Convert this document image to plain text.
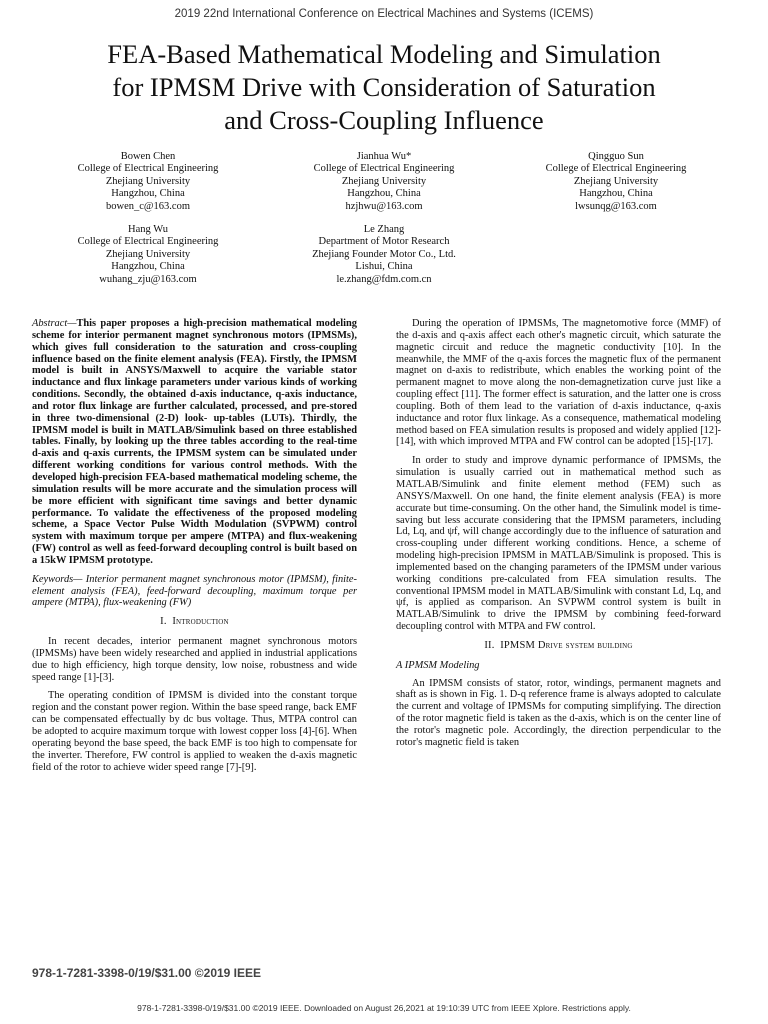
2019 22nd International Conference on Electrical Machines and Systems (ICEMS)
FEA-Based Mathematical Modeling and Simulation
for IPMSM Drive with Consideration of Saturation
and Cross-Coupling Influence
Bowen Chen
College of Electrical Engineering
Zhejiang University
Hangzhou, China
bowen_c@163.com
Jianhua Wu*
College of Electrical Engineering
Zhejiang University
Hangzhou, China
hzjhwu@163.com
Qingguo Sun
College of Electrical Engineering
Zhejiang University
Hangzhou, China
lwsunqg@163.com
Hang Wu
College of Electrical Engineering
Zhejiang University
Hangzhou, China
wuhang_zju@163.com
Le Zhang
Department of Motor Research
Zhejiang Founder Motor Co., Ltd.
Lishui, China
le.zhang@fdm.com.cn

Abstract—This paper proposes a high-precision mathematical modeling scheme for interior permanent magnet synchronous motors (IPMSMs), which gives full consideration to the saturation and cross-coupling influence based on the finite element analysis (FEA). Firstly, the IPMSM model is built in ANSYS/Maxwell to acquire the variable stator inductance and flux linkage parameters under various kinds of working conditions. Secondly, the obtained d-axis inductance, q-axis inductance, and rotor flux linkage are further calculated, processed, and pre-stored in three two-dimensional (2-D) look- up-tables (LUTs). Thirdly, the IPMSM model is built in MATLAB/Simulink based on three established tables. Finally, by looking up the three tables according to the real-time d-axis and q-axis currents, the IPMSM system can be simulated under different working conditions for various control methods. With the developed high-precision FEA-based mathematical modeling scheme, the simulation results will be more accurate and the simulation process will be more efficient with significant time savings and better dynamic performance. To validate the effectiveness of the proposed modeling scheme, a Space Vector Pulse Width Modulation (SVPWM) control system with maximum torque per ampere (MTPA) and flux-weakening (FW) control as well as feed-forward decoupling control is built based on a 15kW IPMSM prototype.

Keywords— Interior permanent magnet synchronous motor (IPMSM), finite-element analysis (FEA), feed-forward decoupling, maximum torque per ampere (MTPA), flux-weakening (FW)

I. Introduction

In recent decades, interior permanent magnet synchronous motors (IPMSMs) have been widely researched and applied in industrial applications due to high efficiency, high torque density, low noise, robustness and wide speed range [1]-[3].

The operating condition of IPMSM is divided into the constant torque region and the constant power region. Within the base speed range, back EMF can be compensated effectually by dc bus voltage. Thus, MTPA control can be adopted to acquire maximum torque with lowest copper loss [4]-[6]. When operating beyond the base speed, the back EMF is too high to compensate for the inverter. Therefore, FW control is applied to weaken the d-axis magnetic field of the rotor to achieve wider speed range [7]-[9].

During the operation of IPMSMs, The magnetomotive force (MMF) of the d-axis and q-axis affect each other's magnetic circuit, which saturate the magnetic circuit and reduce the magnetic conductivity [10]. In the meanwhile, the MMF of the q-axis forces the magnetic flux of the permanent magnet on d-axis to redistribute, which enables the working point of the permanent magnet to move along the non-demagnetization curve just like a coupling effect [11]. The former effect is saturation, and the latter one is cross coupling. Both of them lead to the variation of d-axis inductance, q-axis inductance and rotor flux linkage. As a consequence, mathematical modeling method based on FEA simulation results is proposed and widely applied [12]-[14], with which improved MTPA and FW control can be adopted [15]-[17].

In order to study and improve dynamic performance of IPMSMs, the simulation is usually carried out in mathematical method such as MATLAB/Simulink and finite element method (FEM) such as ANSYS/Maxwell. On one hand, the finite element analysis (FEA) is more accurate but time-consuming. On the other hand, the Simulink model is time-saving but less accurate considering that the IPMSM parameters, including Ld, Lq, and ψf, will change accordingly due to the influence of saturation and cross-coupling under different working conditions. Hence, a scheme of modeling high-precision IPMSM in MATLAB/Simulink is proposed. This is implemented based on the changing parameters of the IPMSM under various working conditions pre-calculated from FEA simulation results. The conventional IPMSM model in MATLAB/Simulink with constant Ld, Lq, and ψf, is applied as comparison. An SVPWM control system is built in MATLAB/Simulink to drive the IPMSM by combining feed-forward decoupling control with MTPA and FW control.

II. IPMSM Drive system building
A IPMSM Modeling

An IPMSM consists of stator, rotor, windings, permanent magnets and shaft as is shown in Fig. 1. D-q reference frame is always adopted to calculate the current and voltage of IPMSMs for computing simplifying. The direction of the rotor magnetic field is taken as the d-axis, which is on the center line of the rotor's magnetic pole. Accordingly, the direction perpendicular to the rotor's magnetic field is taken

978-1-7281-3398-0/19/$31.00 ©2019 IEEE
978-1-7281-3398-0/19/$31.00 ©2019 IEEE. Downloaded on August 26,2021 at 19:10:39 UTC from IEEE Xplore. Restrictions apply.
